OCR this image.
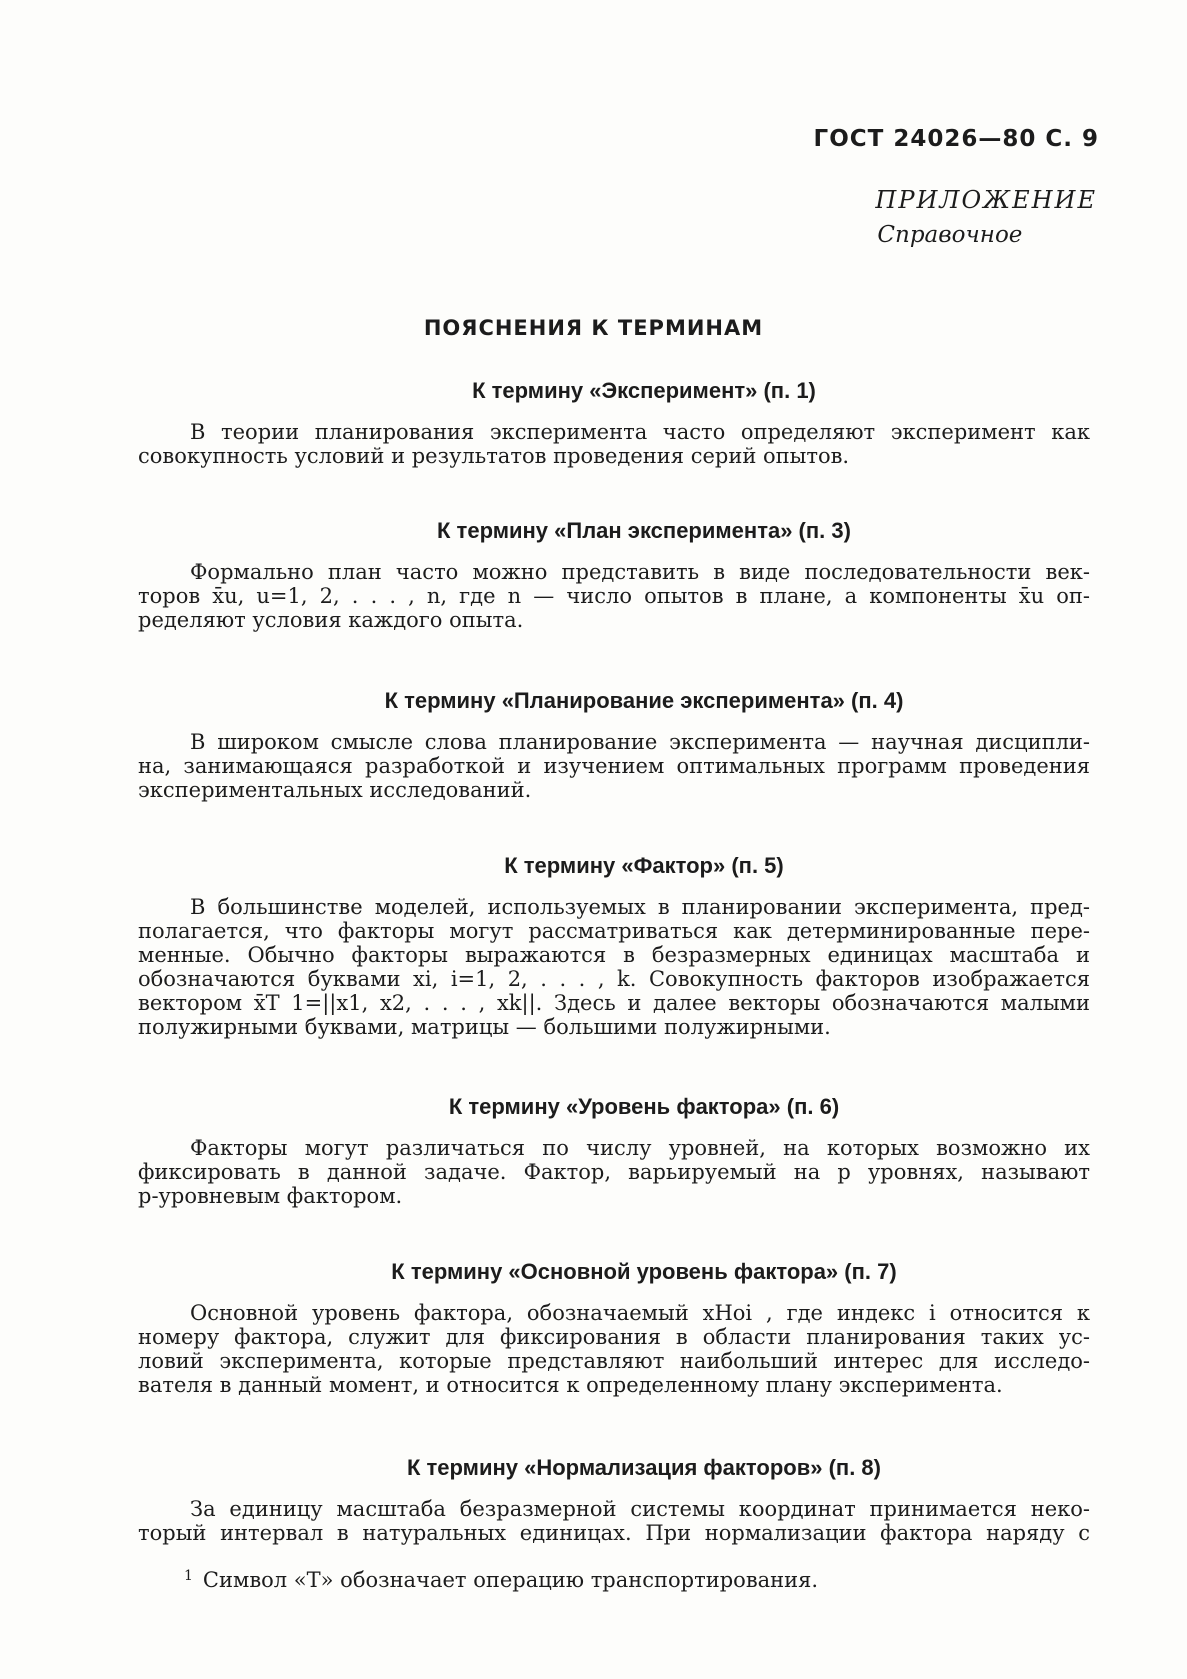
ГОСТ 24026—80 С. 9
ПРИЛОЖЕНИЕ
Справочное
ПОЯСНЕНИЯ К ТЕРМИНАМ
К термину «Эксперимент» (п. 1)
В теории планирования эксперимента часто определяют эксперимент как
совокупность условий и результатов проведения серий опытов.
К термину «План эксперимента» (п. 3)
Формально план часто можно представить в виде последовательности век-
торов x̄u, u=1, 2, . . . , n, где n — число опытов в плане, а компоненты x̄u оп-
ределяют условия каждого опыта.
К термину «Планирование эксперимента» (п. 4)
В широком смысле слова планирование эксперимента — научная дисципли-
на, занимающаяся разработкой и изучением оптимальных программ проведения
экспериментальных исследований.
К термину «Фактор» (п. 5)
В большинстве моделей, используемых в планировании эксперимента, пред-
полагается, что факторы могут рассматриваться как детерминированные пере-
менные. Обычно факторы выражаются в безразмерных единицах масштаба и
обозначаются буквами xi, i=1, 2, . . . , k. Совокупность факторов изображается
вектором x̄T 1=||x1, x2, . . . , xk||. Здесь и далее векторы обозначаются малыми
полужирными буквами, матрицы — большими полужирными.
К термину «Уровень фактора» (п. 6)
Факторы могут различаться по числу уровней, на которых возможно их
фиксировать в данной задаче. Фактор, варьируемый на p уровнях, называют
p-уровневым фактором.
К термину «Основной уровень фактора» (п. 7)
Основной уровень фактора, обозначаемый xHoi , где индекс i относится к
номеру фактора, служит для фиксирования в области планирования таких ус-
ловий эксперимента, которые представляют наибольший интерес для исследо-
вателя в данный момент, и относится к определенному плану эксперимента.
К термину «Нормализация факторов» (п. 8)
За единицу масштаба безразмерной системы координат принимается неко-
торый интервал в натуральных единицах. При нормализации фактора наряду с
$^1$ Символ «Т» обозначает операцию транспортирования.
